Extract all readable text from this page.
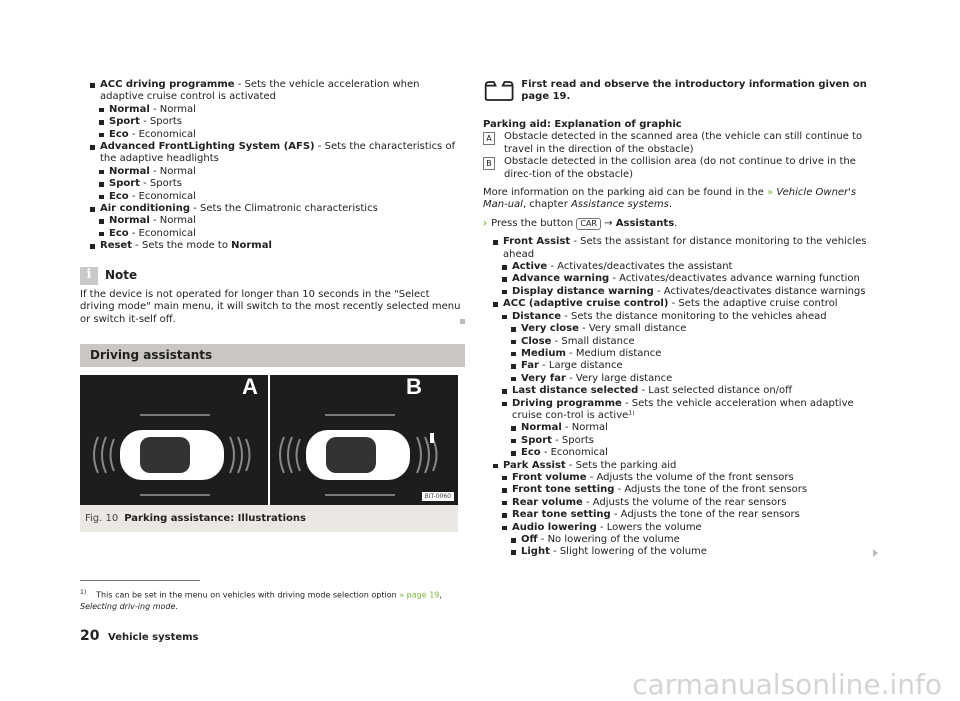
ACC driving programme - Sets the vehicle acceleration when adaptive cruise control is activated
Normal - Normal
Sport - Sports
Eco - Economical
Advanced FrontLighting System (AFS) - Sets the characteristics of the adaptive headlights
Normal - Normal
Sport - Sports
Eco - Economical
Air conditioning - Sets the Climatronic characteristics
Normal - Normal
Eco - Economical
Reset - Sets the mode to Normal
i	Note
If the device is not operated for longer than 10 seconds in the "Select driving mode" main menu, it will switch to the most recently selected menu or switch it-self off.
Driving assistants
A	B
BIT-0060
Fig. 10 Parking assistance: Illustrations
First read and observe the introductory information given on page 19.
Parking aid: Explanation of graphic
A	Obstacle detected in the scanned area (the vehicle can still continue to travel in the direction of the obstacle)
B	Obstacle detected in the collision area (do not continue to drive in the direc-tion of the obstacle)
More information on the parking aid can be found in the » Vehicle Owner's Man-ual, chapter Assistance systems.
› Press the button CAR → Assistants.
Front Assist - Sets the assistant for distance monitoring to the vehicles ahead
Active - Activates/deactivates the assistant
Advance warning - Activates/deactivates advance warning function
Display distance warning - Activates/deactivates distance warnings
ACC (adaptive cruise control) - Sets the adaptive cruise control
Distance - Sets the distance monitoring to the vehicles ahead
Very close - Very small distance
Close - Small distance
Medium - Medium distance
Far - Large distance
Very far - Very large distance
Last distance selected - Last selected distance on/off
Driving programme - Sets the vehicle acceleration when adaptive cruise con-trol is active¹⁾
Normal - Normal
Sport - Sports
Eco - Economical
Park Assist - Sets the parking aid
Front volume - Adjusts the volume of the front sensors
Front tone setting - Adjusts the tone of the front sensors
Rear volume - Adjusts the volume of the rear sensors
Rear tone setting - Adjusts the tone of the rear sensors
Audio lowering - Lowers the volume
Off - No lowering of the volume
Light - Slight lowering of the volume
$^{1)}$ This can be set in the menu on vehicles with driving mode selection option » page 19, Selecting driv-ing mode.
20 Vehicle systems
carmanualsonline.info
